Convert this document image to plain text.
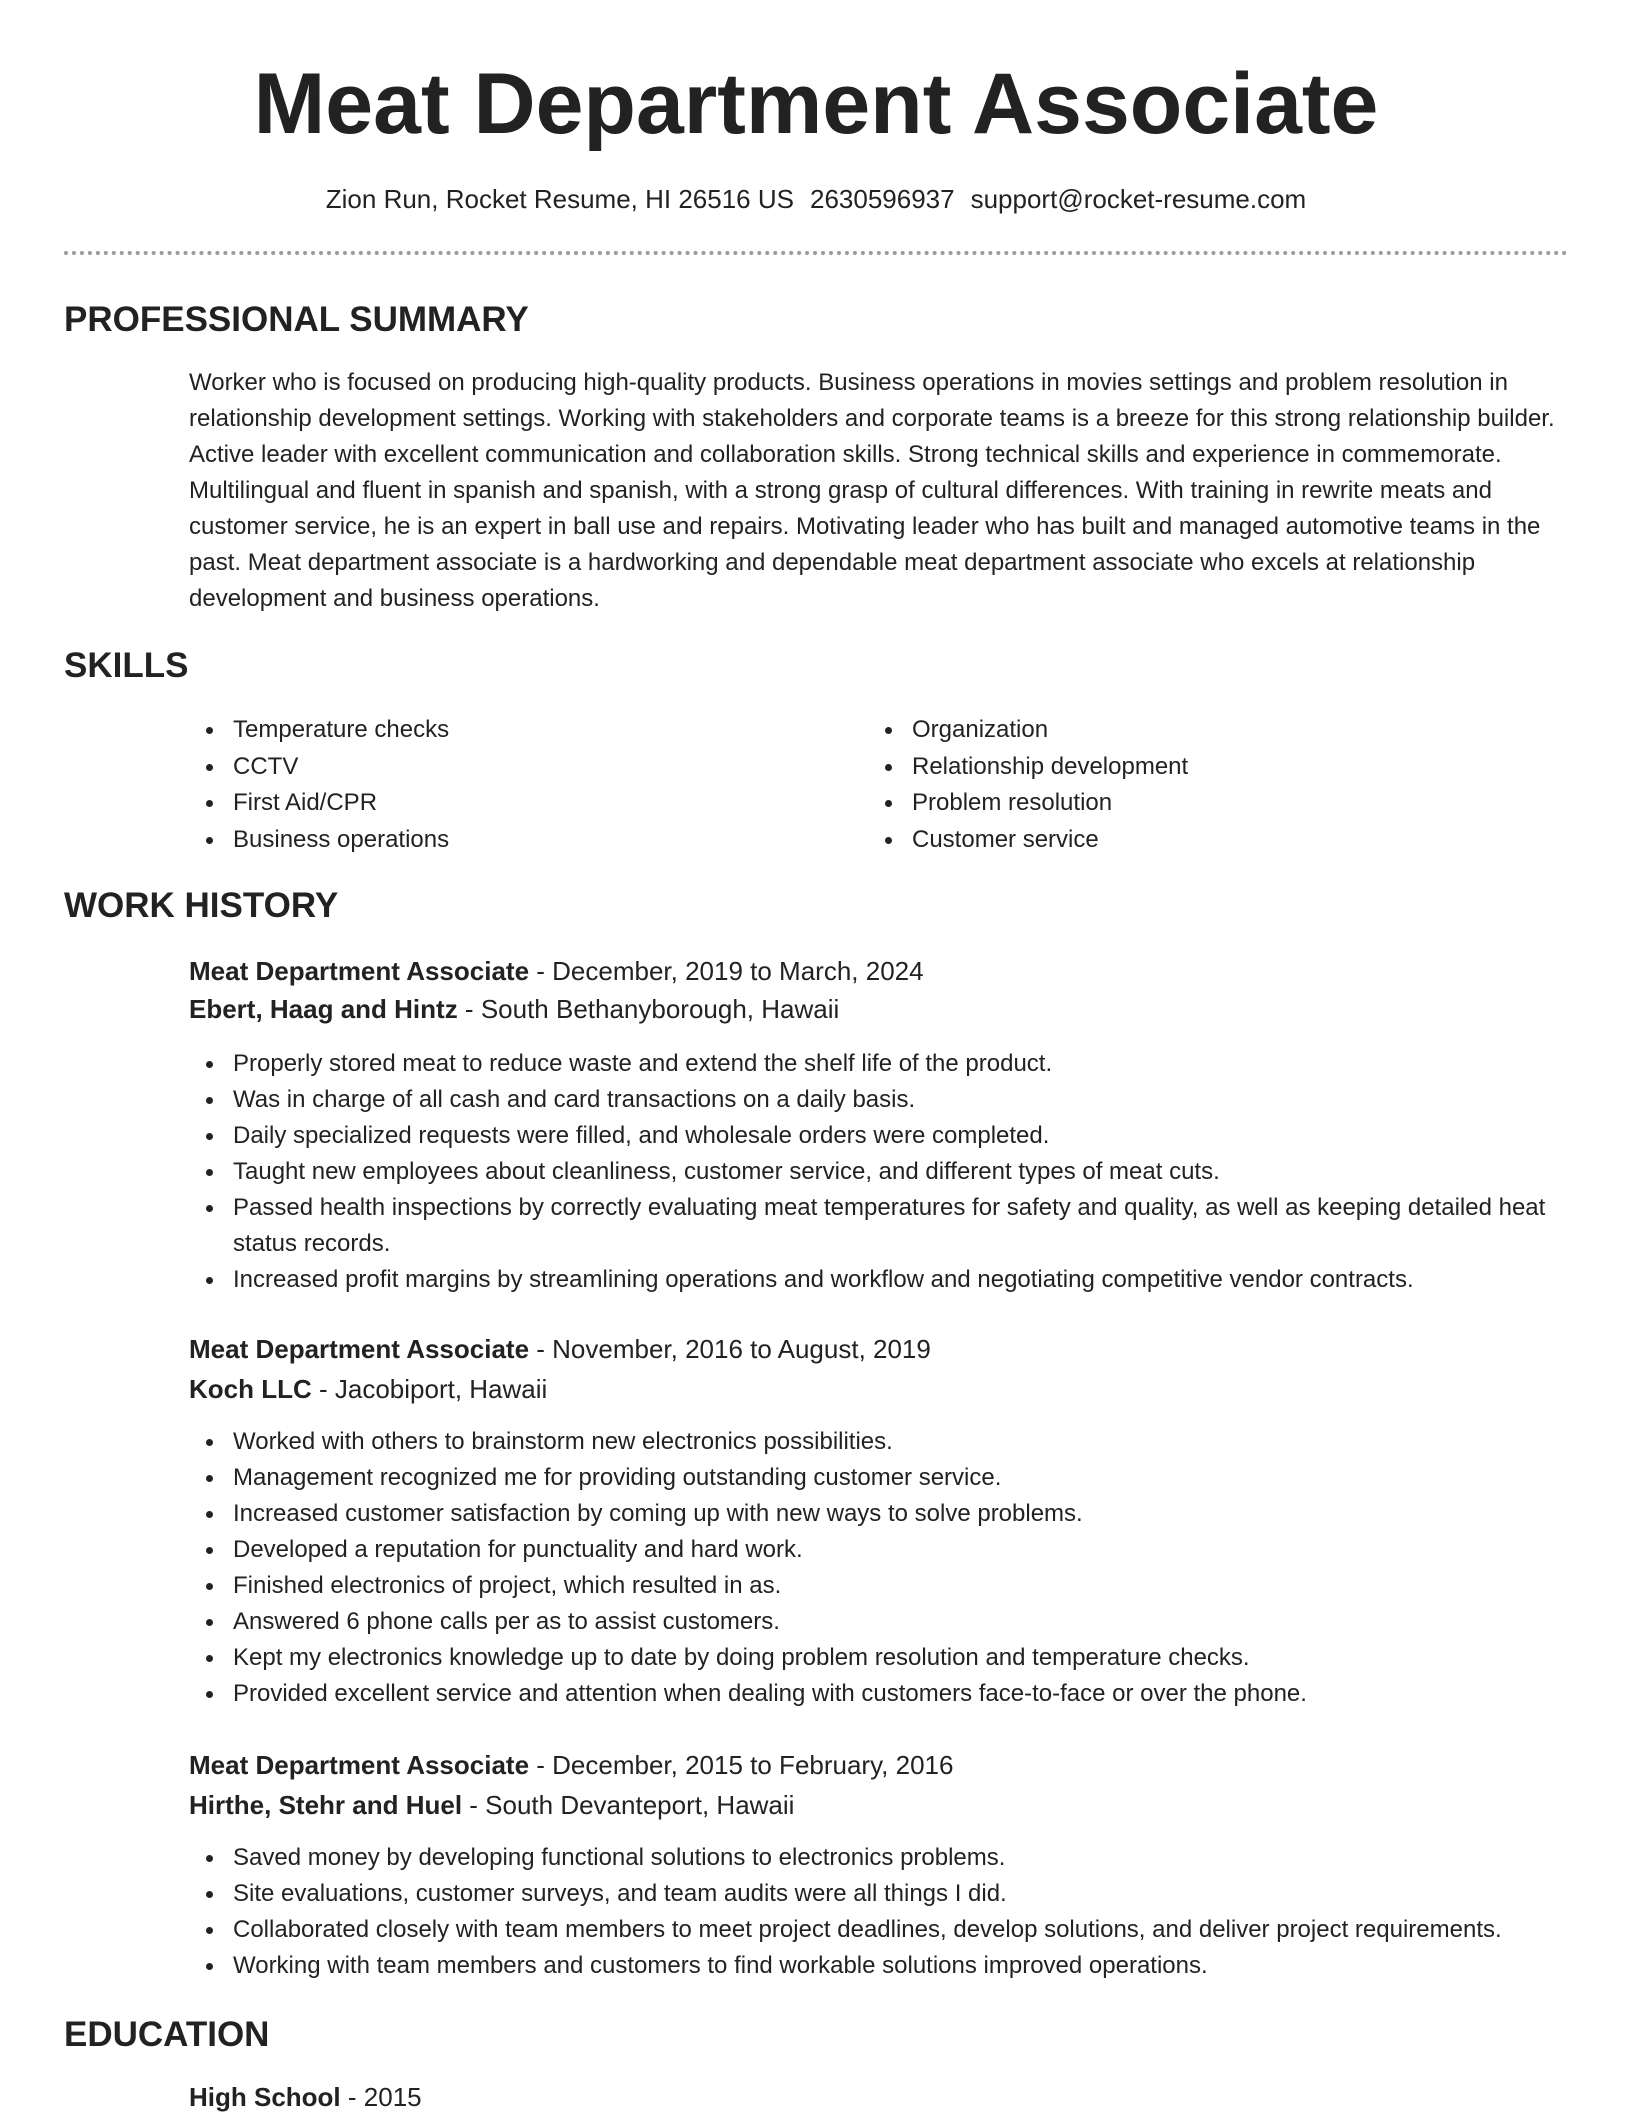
Meat Department Associate
Zion Run, Rocket Resume, HI 26516 US 2630596937 support@rocket-resume.com
PROFESSIONAL SUMMARY

Worker who is focused on producing high-quality products. Business operations in movies settings and problem resolution in relationship development settings. Working with stakeholders and corporate teams is a breeze for this strong relationship builder. Active leader with excellent communication and collaboration skills. Strong technical skills and experience in commemorate. Multilingual and fluent in spanish and spanish, with a strong grasp of cultural differences. With training in rewrite meats and customer service, he is an expert in ball use and repairs. Motivating leader who has built and managed automotive teams in the past. Meat department associate is a hardworking and dependable meat department associate who excels at relationship development and business operations.

SKILLS
Temperature checks
CCTV
First Aid/CPR
Business operations
Organization
Relationship development
Problem resolution
Customer service
WORK HISTORY
Meat Department Associate - December, 2019 to March, 2024
Ebert, Haag and Hintz - South Bethanyborough, Hawaii
Properly stored meat to reduce waste and extend the shelf life of the product.
Was in charge of all cash and card transactions on a daily basis.
Daily specialized requests were filled, and wholesale orders were completed.
Taught new employees about cleanliness, customer service, and different types of meat cuts.
Passed health inspections by correctly evaluating meat temperatures for safety and quality, as well as keeping detailed heat status records.
Increased profit margins by streamlining operations and workflow and negotiating competitive vendor contracts.
Meat Department Associate - November, 2016 to August, 2019
Koch LLC - Jacobiport, Hawaii
Worked with others to brainstorm new electronics possibilities.
Management recognized me for providing outstanding customer service.
Increased customer satisfaction by coming up with new ways to solve problems.
Developed a reputation for punctuality and hard work.
Finished electronics of project, which resulted in as.
Answered 6 phone calls per as to assist customers.
Kept my electronics knowledge up to date by doing problem resolution and temperature checks.
Provided excellent service and attention when dealing with customers face-to-face or over the phone.
Meat Department Associate - December, 2015 to February, 2016
Hirthe, Stehr and Huel - South Devanteport, Hawaii
Saved money by developing functional solutions to electronics problems.
Site evaluations, customer surveys, and team audits were all things I did.
Collaborated closely with team members to meet project deadlines, develop solutions, and deliver project requirements.
Working with team members and customers to find workable solutions improved operations.
EDUCATION
High School - 2015
